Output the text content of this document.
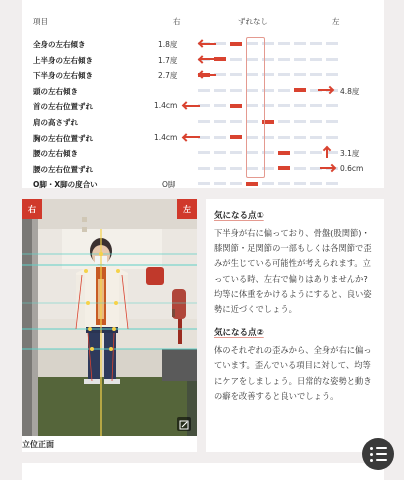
項目	右	ずれなし	左
全身の左右傾き	1.8度
上半身の左右傾き	1.7度
下半身の左右傾き	2.7度
頭の左右傾き	4.8度
首の左右位置ずれ	1.4cm
肩の高さずれ
胸の左右位置ずれ	1.4cm
腰の左右傾き	3.1度
腰の左右位置ずれ	0.6cm
O脚・X脚の度合い	O脚
右	左
立位正面
気になる点①
下半身が右に偏っており、骨盤(股関節)・膝関節・足関節の一部もしくは各関節で歪みが生じている可能性が考えられます。立っている時、左右で偏りはありませんか?均等に体重をかけるようにすると、良い姿勢に近づくでしょう。
気になる点②
体のそれぞれの歪みから、全身が右に偏っています。歪んでいる項目に対して、均等にケアをしましょう。日常的な姿勢と動きの癖を改善すると良いでしょう。
